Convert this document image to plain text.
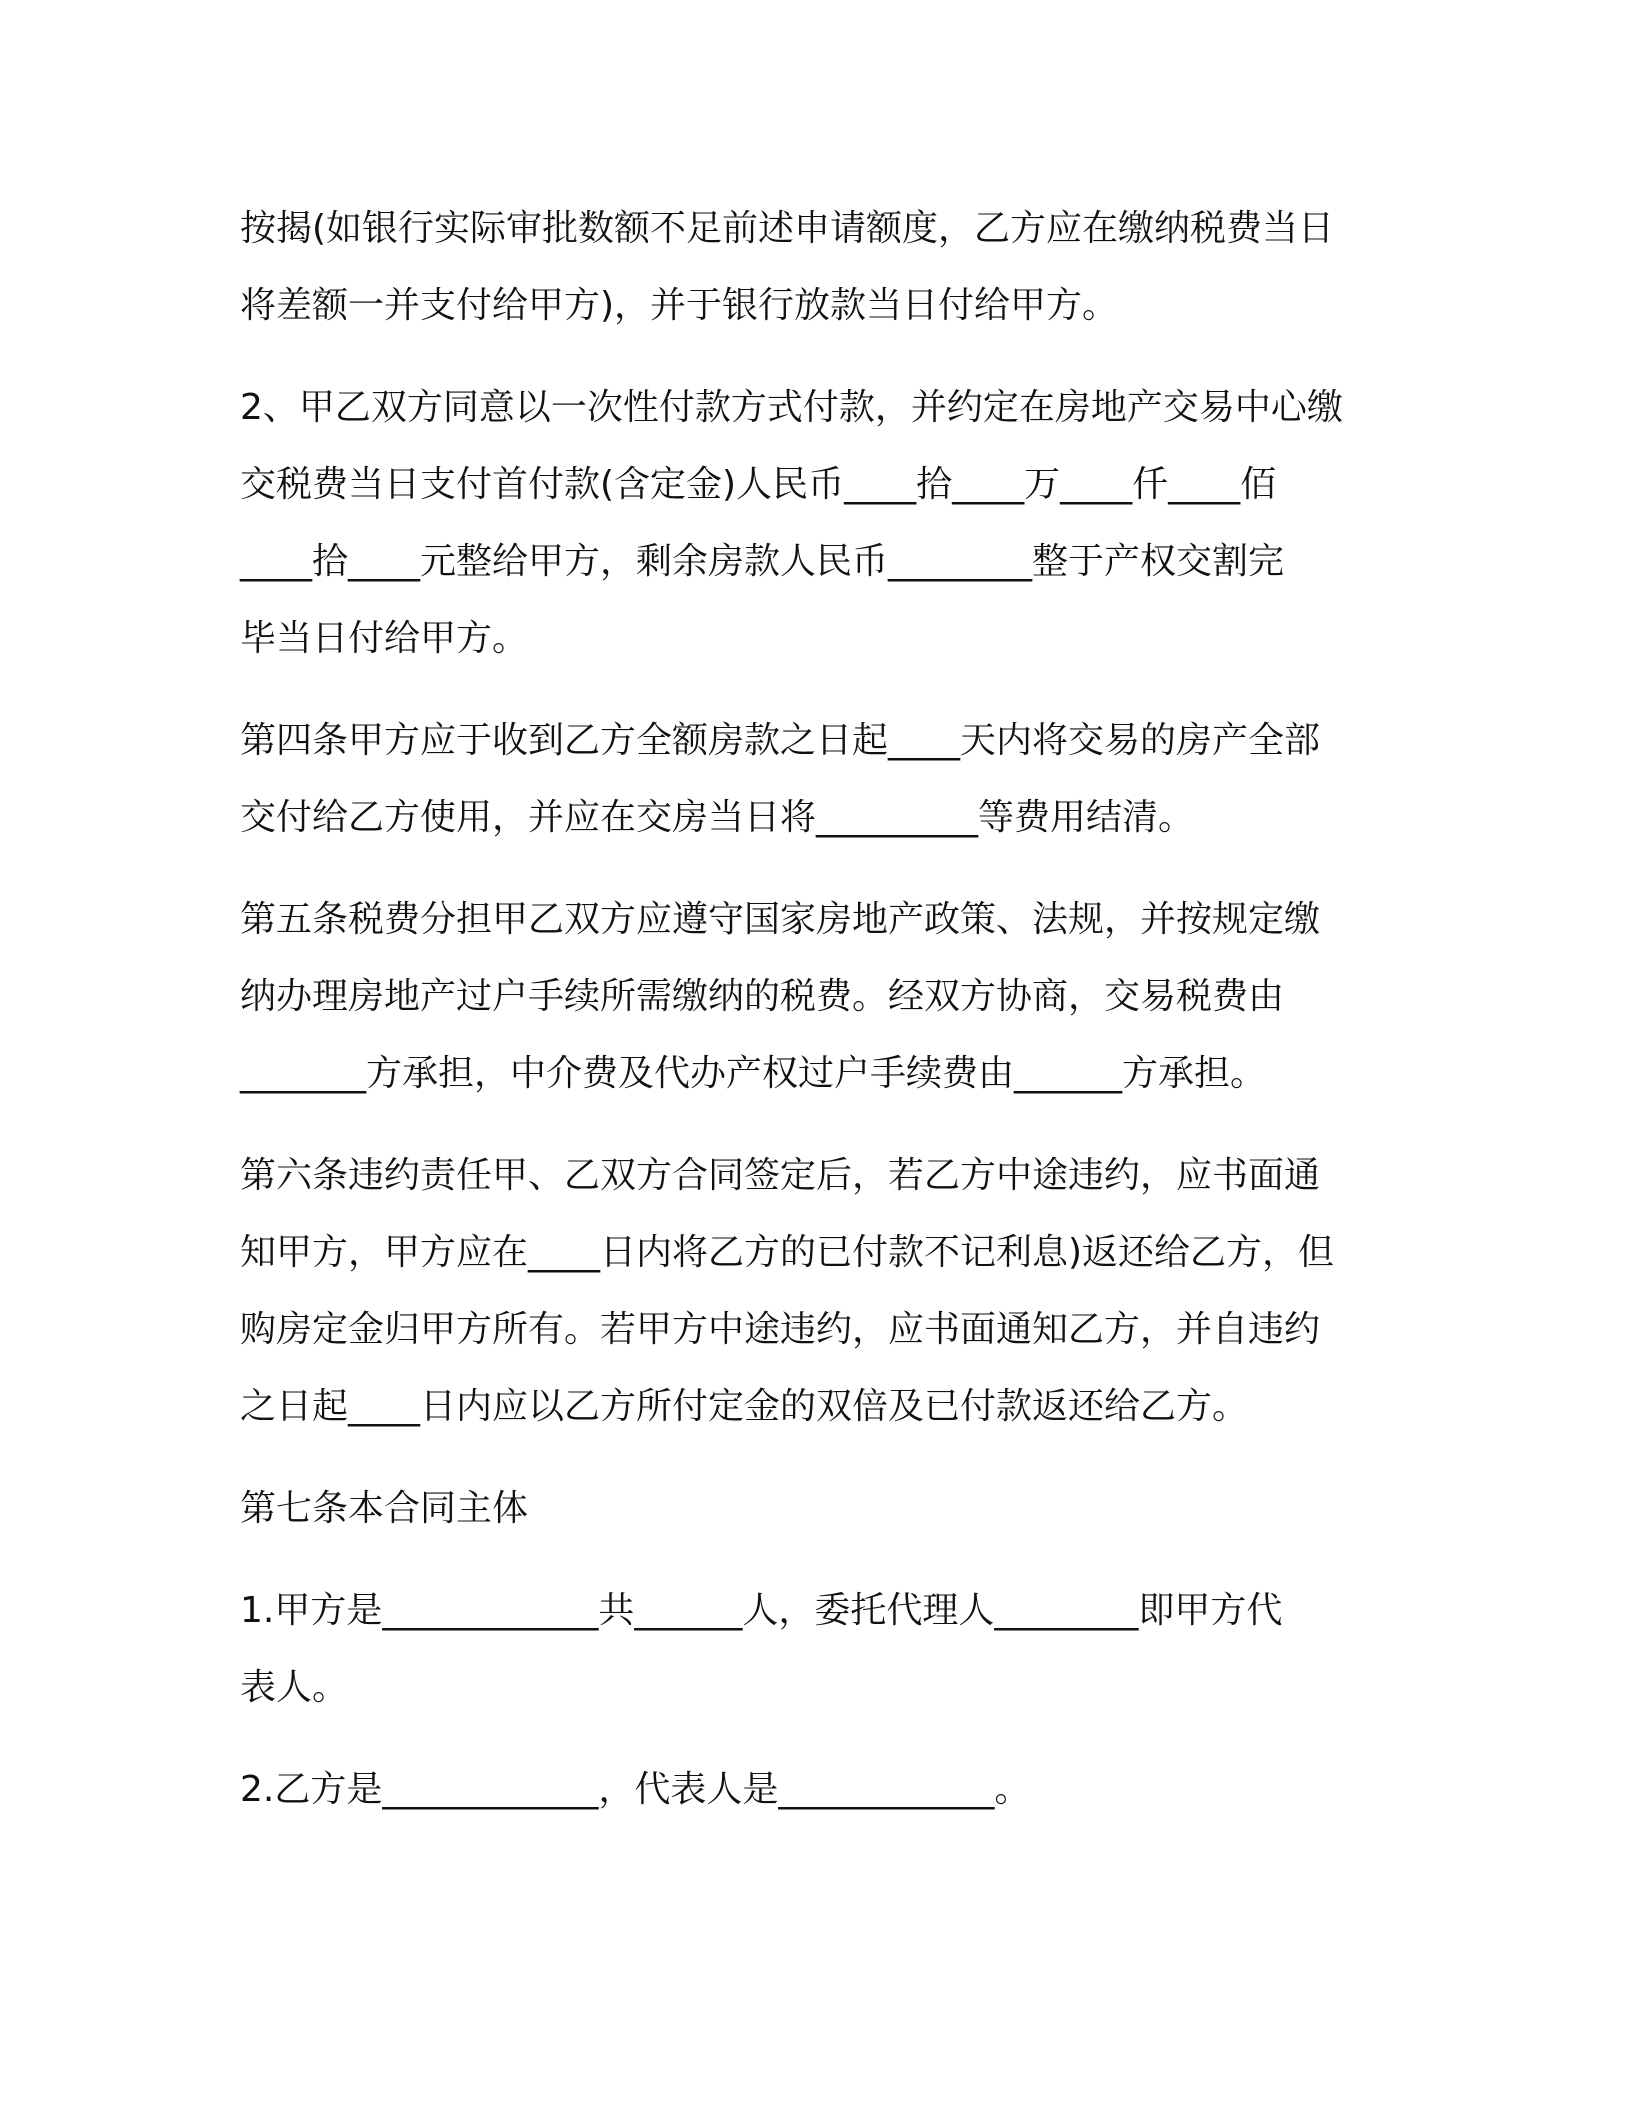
按揭(如银行实际审批数额不足前述申请额度，乙方应在缴纳税费当日
将差额一并支付给甲方)，并于银行放款当日付给甲方。

2、甲乙双方同意以一次性付款方式付款，并约定在房地产交易中心缴
交税费当日支付首付款(含定金)人民币____拾____万____仟____佰
____拾____元整给甲方，剩余房款人民币________整于产权交割完
毕当日付给甲方。

第四条甲方应于收到乙方全额房款之日起____天内将交易的房产全部
交付给乙方使用，并应在交房当日将_________等费用结清。

第五条税费分担甲乙双方应遵守国家房地产政策、法规，并按规定缴
纳办理房地产过户手续所需缴纳的税费。经双方协商，交易税费由
_______方承担，中介费及代办产权过户手续费由______方承担。

第六条违约责任甲、乙双方合同签定后，若乙方中途违约，应书面通
知甲方，甲方应在____日内将乙方的已付款不记利息)返还给乙方，但
购房定金归甲方所有。若甲方中途违约，应书面通知乙方，并自违约
之日起____日内应以乙方所付定金的双倍及已付款返还给乙方。

第七条本合同主体

1.甲方是____________共______人，委托代理人________即甲方代
表人。

2.乙方是____________，代表人是____________。
